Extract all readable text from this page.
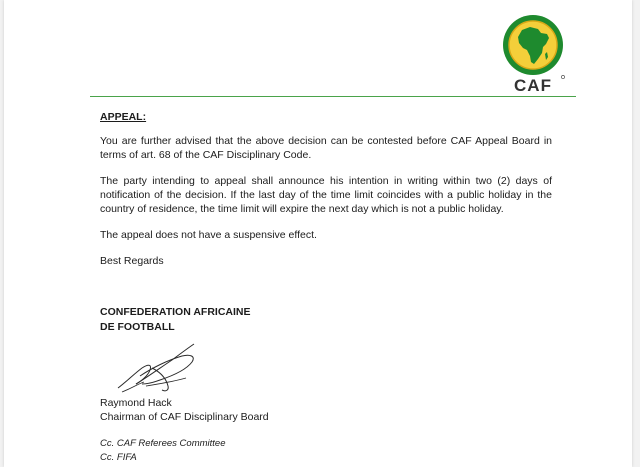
CAF
APPEAL:

You are further advised that the above decision can be contested before CAF Appeal Board in terms of art. 68 of the CAF Disciplinary Code.

The party intending to appeal shall announce his intention in writing within two (2) days of notification of the decision. If the last day of the time limit coincides with a public holiday in the country of residence, the time limit will expire the next day which is not a public holiday.

The appeal does not have a suspensive effect.

Best Regards

CONFEDERATION AFRICAINE
DE FOOTBALL
Raymond Hack
Chairman of CAF Disciplinary Board
Cc. CAF Referees Committee
Cc. FIFA
